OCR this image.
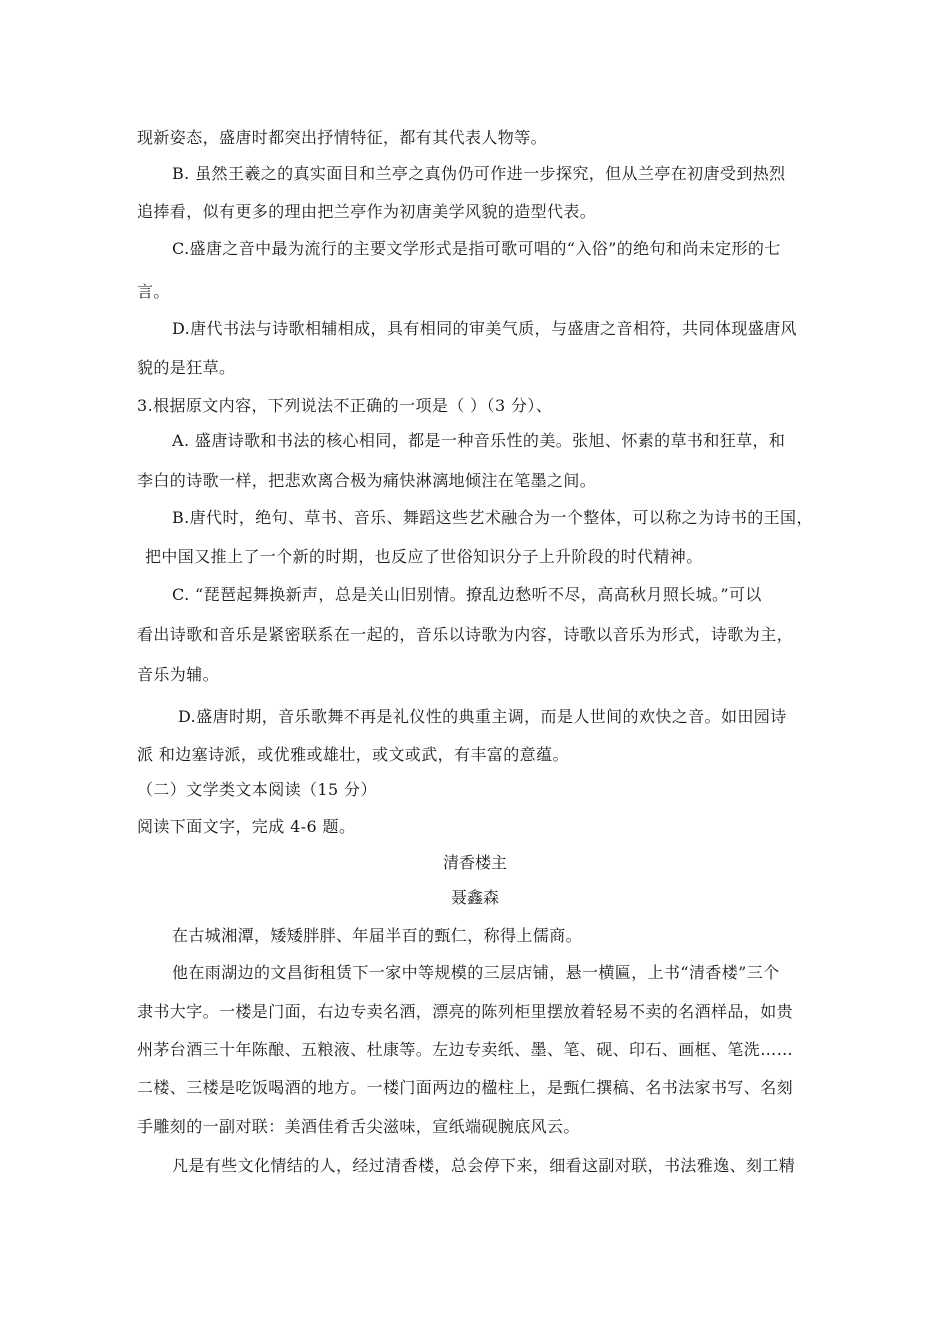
现新姿态，盛唐时都突出抒情特征，都有其代表人物等。
B. 虽然王羲之的真实面目和兰亭之真伪仍可作进一步探究，但从兰亭在初唐受到热烈
追捧看，似有更多的理由把兰亭作为初唐美学风貌的造型代表。
C.盛唐之音中最为流行的主要文学形式是指可歌可唱的“入俗”的绝句和尚未定形的七
言。
D.唐代书法与诗歌相辅相成，具有相同的审美气质，与盛唐之音相符，共同体现盛唐风
貌的是狂草。
3.根据原文内容，下列说法不正确的一项是（ ）（3 分）、
A. 盛唐诗歌和书法的核心相同，都是一种音乐性的美。张旭、怀素的草书和狂草，和
李白的诗歌一样，把悲欢离合极为痛快淋漓地倾注在笔墨之间。
B.唐代时，绝句、草书、音乐、舞蹈这些艺术融合为一个整体，可以称之为诗书的王国，
把中国又推上了一个新的时期，也反应了世俗知识分子上升阶段的时代精神。
C. “琵琶起舞换新声，总是关山旧别情。撩乱边愁听不尽，高高秋月照长城。”可以
看出诗歌和音乐是紧密联系在一起的，音乐以诗歌为内容，诗歌以音乐为形式，诗歌为主，
音乐为辅。
D.盛唐时期，音乐歌舞不再是礼仪性的典重主调，而是人世间的欢快之音。如田园诗
派 和边塞诗派，或优雅或雄壮，或文或武，有丰富的意蕴。
（二）文学类文本阅读（15 分）
阅读下面文字，完成 4-6 题。
清香楼主
聂鑫森
在古城湘潭，矮矮胖胖、年届半百的甄仁，称得上儒商。
他在雨湖边的文昌街租赁下一家中等规模的三层店铺，悬一横匾，上书“清香楼”三个
隶书大字。一楼是门面，右边专卖名酒，漂亮的陈列柜里摆放着轻易不卖的名酒样品，如贵
州茅台酒三十年陈酿、五粮液、杜康等。左边专卖纸、墨、笔、砚、印石、画框、笔洗……
二楼、三楼是吃饭喝酒的地方。一楼门面两边的楹柱上，是甄仁撰稿、名书法家书写、名刻
手雕刻的一副对联：美酒佳肴舌尖滋味，宣纸端砚腕底风云。
凡是有些文化情结的人，经过清香楼，总会停下来，细看这副对联，书法雅逸、刻工精
